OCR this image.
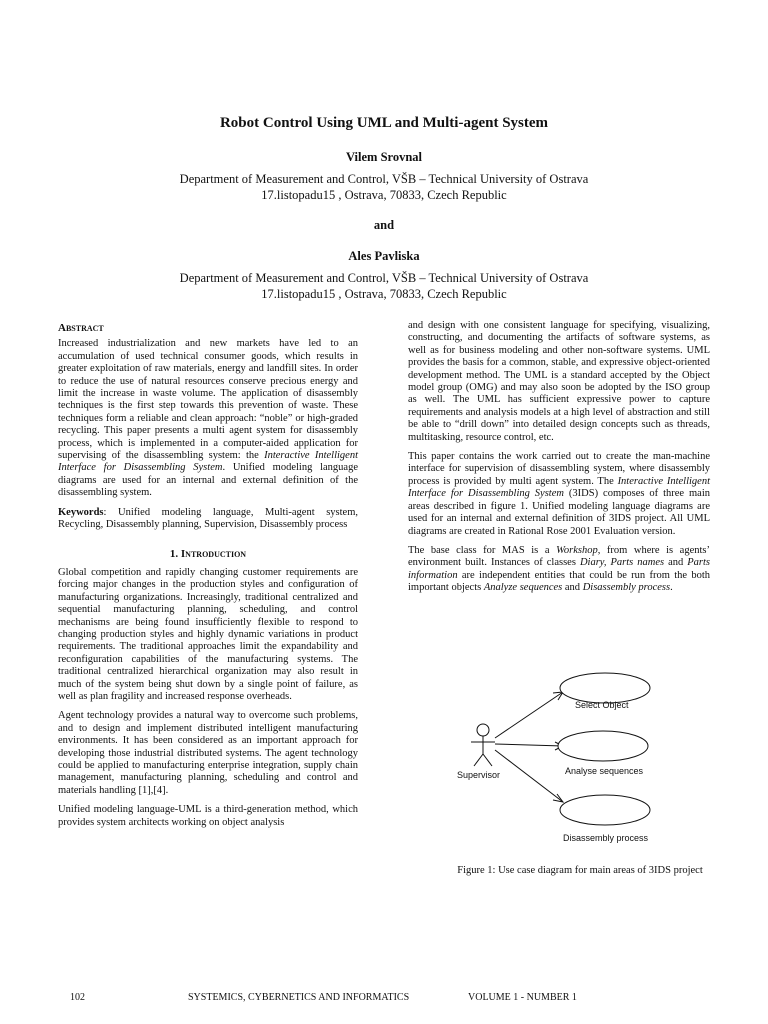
Robot Control Using UML and Multi-agent System
Vilem Srovnal
Department of Measurement and Control, VŠB – Technical University of Ostrava
17.listopadu15 , Ostrava, 70833, Czech Republic
and
Ales Pavliska
Department of Measurement and Control, VŠB – Technical University of Ostrava
17.listopadu15 , Ostrava, 70833, Czech Republic
Abstract

Increased industrialization and new markets have led to an accumulation of used technical consumer goods, which results in greater exploitation of raw materials, energy and landfill sites. In order to reduce the use of natural resources conserve precious energy and limit the increase in waste volume. The application of disassembly techniques is the first step towards this prevention of waste. These techniques form a reliable and clean approach: “noble” or high-graded recycling. This paper presents a multi agent system for disassembly process, which is implemented in a computer-aided application for supervising of the disassembling system: the Interactive Intelligent Interface for Disassembling System. Unified modeling language diagrams are used for an internal and external definition of the disassembling system.

Keywords: Unified modeling language, Multi-agent system, Recycling, Disassembly planning, Supervision, Disassembly process

1. Introduction

Global competition and rapidly changing customer requirements are forcing major changes in the production styles and configuration of manufacturing organizations. Increasingly, traditional centralized and sequential manufacturing planning, scheduling, and control mechanisms are being found insufficiently flexible to respond to changing production styles and highly dynamic variations in product requirements. The traditional approaches limit the expandability and reconfiguration capabilities of the manufacturing systems. The traditional centralized hierarchical organization may also result in much of the system being shut down by a single point of failure, as well as plan fragility and increased response overheads.

Agent technology provides a natural way to overcome such problems, and to design and implement distributed intelligent manufacturing environments. It has been considered as an important approach for developing those industrial distributed systems. The agent technology could be applied to manufacturing enterprise integration, supply chain management, manufacturing planning, scheduling and control and materials handling [1],[4].

Unified modeling language-UML is a third-generation method, which provides system architects working on object analysis

and design with one consistent language for specifying, visualizing, constructing, and documenting the artifacts of software systems, as well as for business modeling and other non-software systems. UML provides the basis for a common, stable, and expressive object-oriented development method. The UML is a standard accepted by the Object model group (OMG) and may also soon be adopted by the ISO group as well. The UML has sufficient expressive power to capture requirements and analysis models at a high level of abstraction and still be able to “drill down” into detailed design concepts such as threads, multitasking, resource control, etc.

This paper contains the work carried out to create the man-machine interface for supervision of disassembling system, where disassembly process is provided by multi agent system. The Interactive Intelligent Interface for Disassembling System (3IDS) composes of three main areas described in figure 1. Unified modeling language diagrams are used for an internal and external definition of 3IDS project. All UML diagrams are created in Rational Rose 2001 Evaluation version.

The base class for MAS is a Workshop, from where is agents’ environment built. Instances of classes Diary, Parts names and Parts information are independent entities that could be run from the both important objects Analyze sequences and Disassembly process.

Supervisor
Select Object
Analyse sequences
Disassembly process
Figure 1: Use case diagram for main areas of 3IDS project
102	SYSTEMICS, CYBERNETICS AND INFORMATICS	VOLUME 1 - NUMBER 1
